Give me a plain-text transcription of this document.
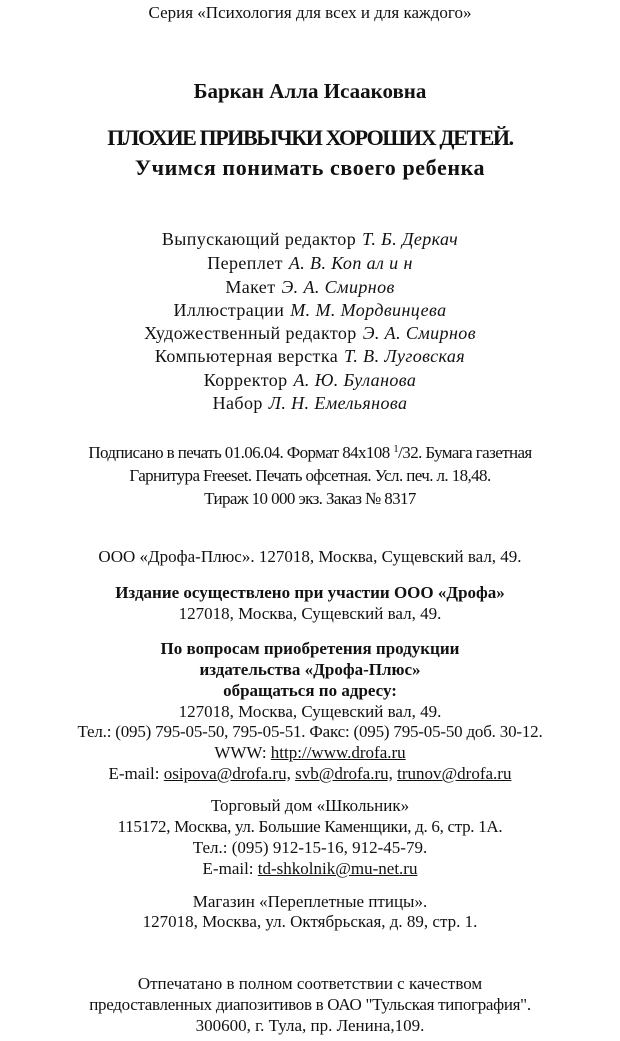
Серия «Психология для всех и для каждого»
Баркан Алла Исааковна
ПЛОХИЕ ПРИВЫЧКИ ХОРОШИХ ДЕТЕЙ.
Учимся понимать своего ребенка
Выпускающий редактор Т. Б. Деркач
Переплет А. В. Коп ал и н
Макет Э. А. Смирнов
Иллюстрации М. М. Мордвинцева
Художественный редактор Э. А. Смирнов
Компьютерная верстка Т. В. Луговская
Корректор А. Ю. Буланова
Набор Л. Н. Емельянова
Подписано в печать 01.06.04. Формат 84x108 $^1$/32. Бумага газетная
Гарнитура Freeset. Печать офсетная. Усл. печ. л. 18,48.
Тираж 10 000 экз. Заказ № 8317
ООО «Дрофа-Плюс». 127018, Москва, Сущевский вал, 49.
Издание осуществлено при участии ООО «Дрофа»
127018, Москва, Сущевский вал, 49.
По вопросам приобретения продукции
издательства «Дрофа-Плюс»
обращаться по адресу:
127018, Москва, Сущевский вал, 49.
Тел.: (095) 795-05-50, 795-05-51. Факс: (095) 795-05-50 доб. 30-12.
WWW: http://www.drofa.ru
E-mail: osipova@drofa.ru, svb@drofa.ru, trunov@drofa.ru
Торговый дом «Школьник»
115172, Москва, ул. Большие Каменщики, д. 6, стр. 1А.
Тел.: (095) 912-15-16, 912-45-79.
E-mail: td-shkolnik@mu-net.ru
Магазин «Переплетные птицы».
127018, Москва, ул. Октябрьская, д. 89, стр. 1.
Отпечатано в полном соответствии с качеством
предоставленных диапозитивов в ОАО "Тульская типография".
300600, г. Тула, пр. Ленина,109.
